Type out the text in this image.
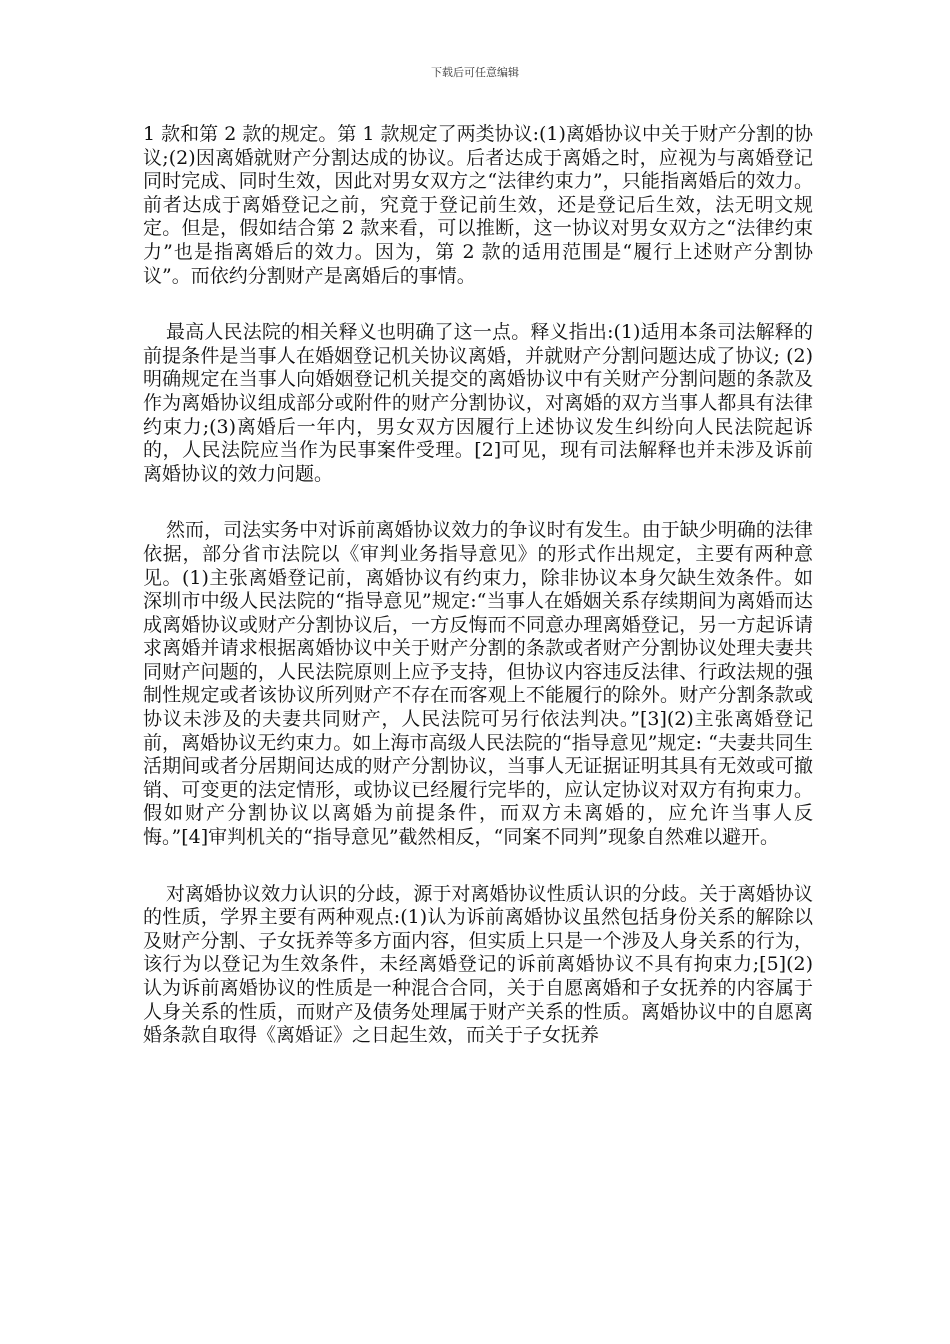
下载后可任意编辑

1 款和第 2 款的规定。第 1 款规定了两类协议:(1)离婚协议中关于财产分割的协议;(2)因离婚就财产分割达成的协议。后者达成于离婚之时，应视为与离婚登记同时完成、同时生效，因此对男女双方之“法律约束力”，只能指离婚后的效力。前者达成于离婚登记之前，究竟于登记前生效，还是登记后生效，法无明文规定。但是，假如结合第 2 款来看，可以推断，这一协议对男女双方之“法律约束力”也是指离婚后的效力。因为，第 2 款的适用范围是“履行上述财产分割协议”。而依约分割财产是离婚后的事情。

最高人民法院的相关释义也明确了这一点。释义指出:(1)适用本条司法解释的前提条件是当事人在婚姻登记机关协议离婚，并就财产分割问题达成了协议; (2)明确规定在当事人向婚姻登记机关提交的离婚协议中有关财产分割问题的条款及作为离婚协议组成部分或附件的财产分割协议，对离婚的双方当事人都具有法律约束力;(3)离婚后一年内，男女双方因履行上述协议发生纠纷向人民法院起诉的，人民法院应当作为民事案件受理。[2]可见，现有司法解释也并未涉及诉前离婚协议的效力问题。

然而，司法实务中对诉前离婚协议效力的争议时有发生。由于缺少明确的法律依据，部分省市法院以《审判业务指导意见》的形式作出规定，主要有两种意见。(1)主张离婚登记前，离婚协议有约束力，除非协议本身欠缺生效条件。如深圳市中级人民法院的“指导意见”规定:“当事人在婚姻关系存续期间为离婚而达成离婚协议或财产分割协议后，一方反悔而不同意办理离婚登记，另一方起诉请求离婚并请求根据离婚协议中关于财产分割的条款或者财产分割协议处理夫妻共同财产问题的，人民法院原则上应予支持，但协议内容违反法律、行政法规的强制性规定或者该协议所列财产不存在而客观上不能履行的除外。财产分割条款或协议未涉及的夫妻共同财产，人民法院可另行依法判决。”[3](2)主张离婚登记前，离婚协议无约束力。如上海市高级人民法院的“指导意见”规定: “夫妻共同生活期间或者分居期间达成的财产分割协议，当事人无证据证明其具有无效或可撤销、可变更的法定情形，或协议已经履行完毕的，应认定协议对双方有拘束力。假如财产分割协议以离婚为前提条件，而双方未离婚的，应允许当事人反悔。”[4]审判机关的“指导意见”截然相反，“同案不同判”现象自然难以避开。

对离婚协议效力认识的分歧，源于对离婚协议性质认识的分歧。关于离婚协议的性质，学界主要有两种观点:(1)认为诉前离婚协议虽然包括身份关系的解除以及财产分割、子女抚养等多方面内容，但实质上只是一个涉及人身关系的行为，该行为以登记为生效条件，未经离婚登记的诉前离婚协议不具有拘束力;[5](2) 认为诉前离婚协议的性质是一种混合合同，关于自愿离婚和子女抚养的内容属于人身关系的性质，而财产及债务处理属于财产关系的性质。离婚协议中的自愿离婚条款自取得《离婚证》之日起生效，而关于子女抚养
